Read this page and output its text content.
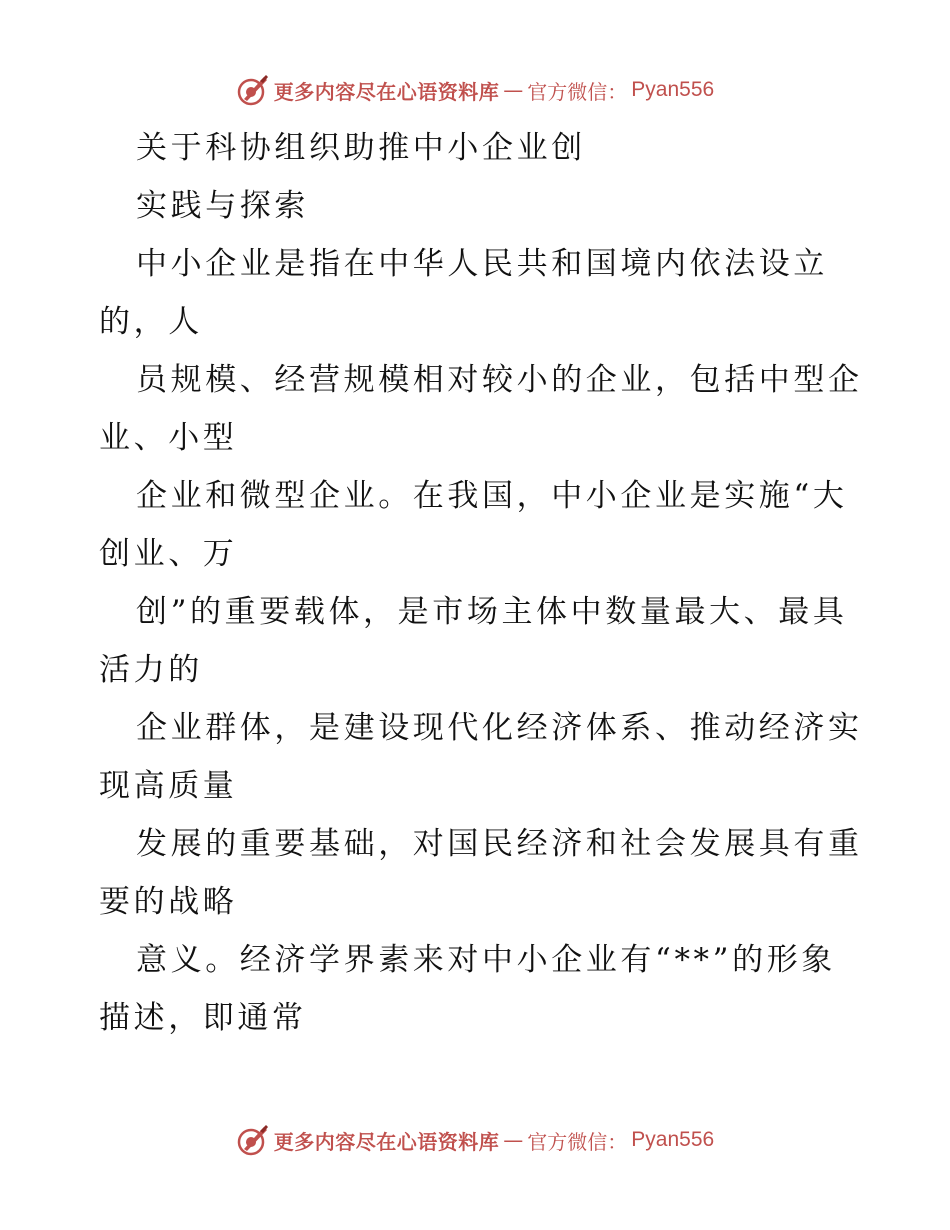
更多内容尽在心语资料库 — 官方微信： Pyan556
关于科协组织助推中小企业创
实践与探索
中小企业是指在中华人民共和国境内依法设立
的，人
员规模、经营规模相对较小的企业，包括中型企
业、小型
企业和微型企业。在我国，中小企业是实施“大
创业、万
创”的重要载体，是市场主体中数量最大、最具
活力的
企业群体，是建设现代化经济体系、推动经济实
现高质量
发展的重要基础，对国民经济和社会发展具有重
要的战略
意义。经济学界素来对中小企业有“**”的形象
描述，即通常
更多内容尽在心语资料库 — 官方微信： Pyan556
